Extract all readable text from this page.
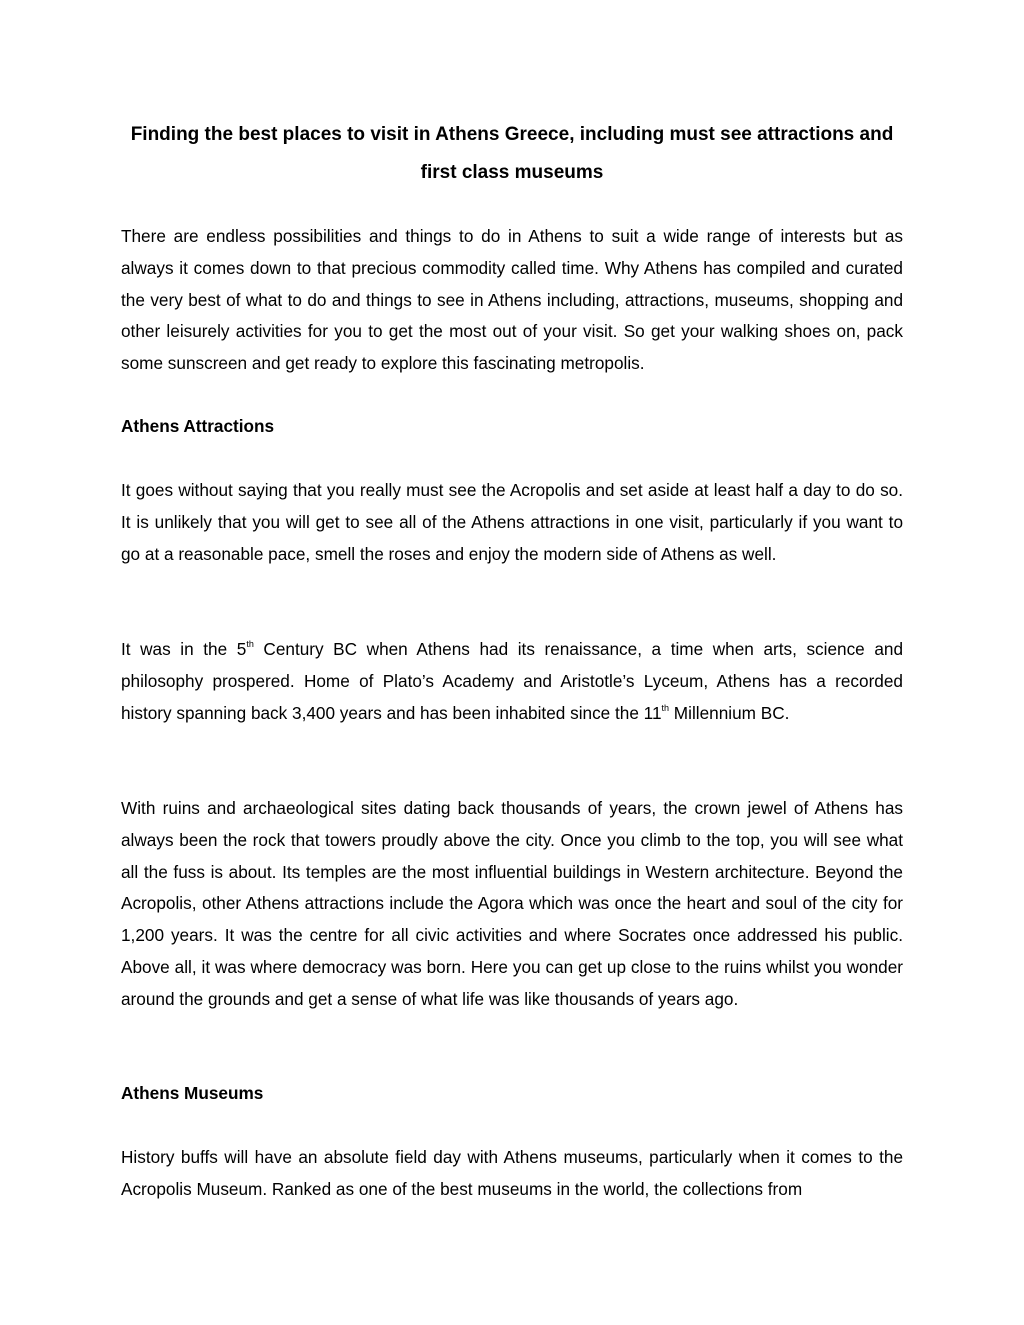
Finding the best places to visit in Athens Greece, including must see attractions and first class museums

There are endless possibilities and things to do in Athens to suit a wide range of interests but as always it comes down to that precious commodity called time. Why Athens has compiled and curated the very best of what to do and things to see in Athens including, attractions, museums, shopping and other leisurely activities for you to get the most out of your visit. So get your walking shoes on, pack some sunscreen and get ready to explore this fascinating metropolis.

Athens Attractions

It goes without saying that you really must see the Acropolis and set aside at least half a day to do so. It is unlikely that you will get to see all of the Athens attractions in one visit, particularly if you want to go at a reasonable pace, smell the roses and enjoy the modern side of Athens as well.

It was in the 5th Century BC when Athens had its renaissance, a time when arts, science and philosophy prospered. Home of Plato’s Academy and Aristotle’s Lyceum, Athens has a recorded history spanning back 3,400 years and has been inhabited since the 11th Millennium BC.

With ruins and archaeological sites dating back thousands of years, the crown jewel of Athens has always been the rock that towers proudly above the city. Once you climb to the top, you will see what all the fuss is about. Its temples are the most influential buildings in Western architecture. Beyond the Acropolis, other Athens attractions include the Agora which was once the heart and soul of the city for 1,200 years. It was the centre for all civic activities and where Socrates once addressed his public. Above all, it was where democracy was born. Here you can get up close to the ruins whilst you wonder around the grounds and get a sense of what life was like thousands of years ago.

Athens Museums

History buffs will have an absolute field day with Athens museums, particularly when it comes to the Acropolis Museum. Ranked as one of the best museums in the world, the collections from
